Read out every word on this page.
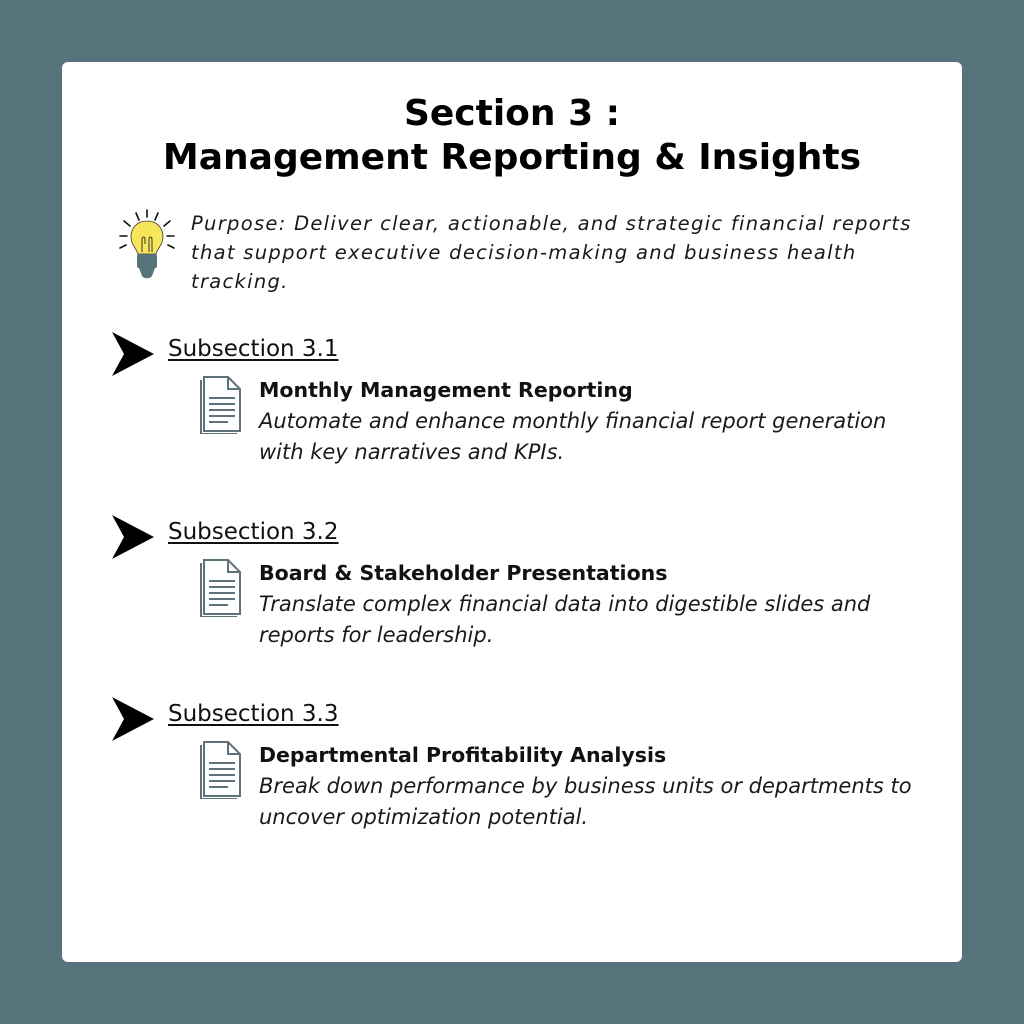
Section 3 :
Management Reporting & Insights

Purpose: Deliver clear, actionable, and strategic financial reports that support executive decision-making and business health tracking.

Subsection 3.1
Monthly Management Reporting

Automate and enhance monthly financial report generation with key narratives and KPIs.

Subsection 3.2
Board & Stakeholder Presentations

Translate complex financial data into digestible slides and reports for leadership.

Subsection 3.3
Departmental Profitability Analysis

Break down performance by business units or departments to uncover optimization potential.
